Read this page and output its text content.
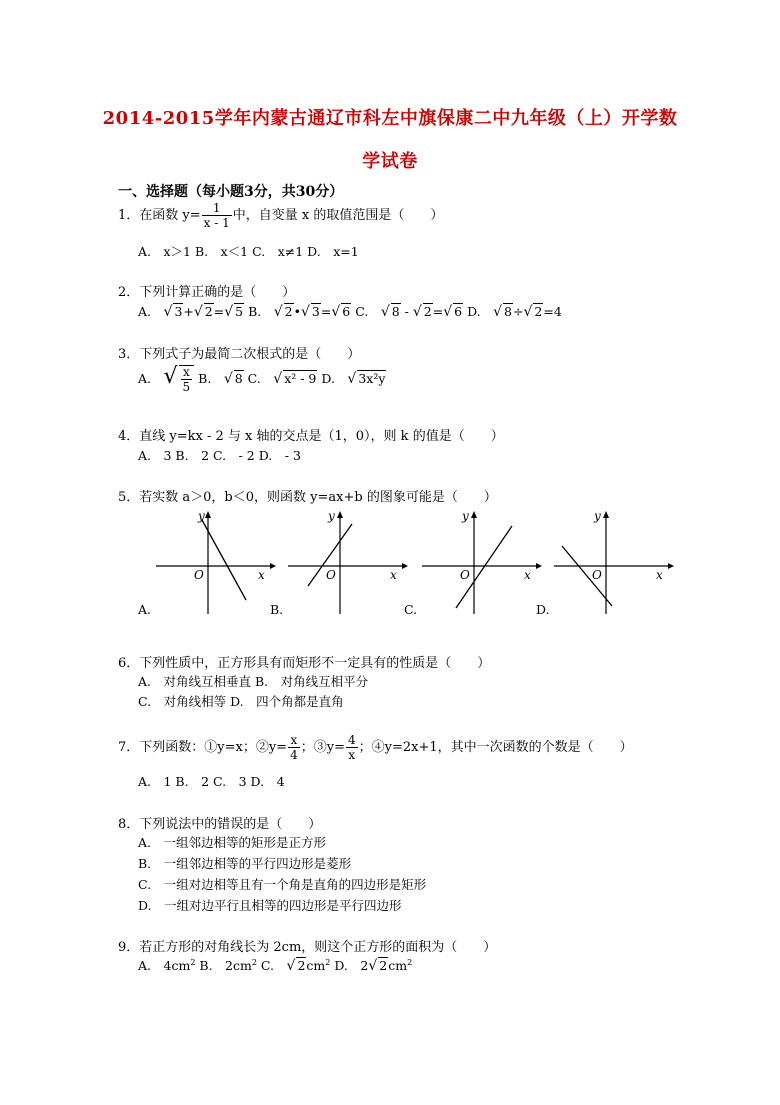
2014-2015学年内蒙古通辽市科左中旗保康二中九年级（上）开学数
学试卷
一、选择题（每小题3分，共30分）
1．在函数 $y= \frac{1}{x - 1}$ 中，自变量 x 的取值范围是（　　）
A.　x＞1 B.　x＜1 C.　x≠1 D.　x=1
2．下列计算正确的是（　　）
A.　√ 3+√ 2=√ 5 B.　√ 2•√ 3=√ 6 C.　√ 8 - √ 2=√ 6 D.　√ 8÷√ 2=4
3．下列式子为最简二次根式的是（　　）
A.　√ $\frac{x}{5} B$.　√ 8 C.　√ x² - 9 D.　√ 3x²y
4．直线 y=kx - 2 与 x 轴的交点是（1，0），则 k 的值是（　　）
A.　3 B.　2 C.　- 2 D.　- 3
5．若实数 a＞0，b＜0，则函数 y=ax+b 的图象可能是（　　）
y
x
O
y
x
O
y
x
O
y
x
O
A.	B.	C.	D.
6．下列性质中，正方形具有而矩形不一定具有的性质是（　　）
A.　对角线互相垂直 B.　对角线互相平分
C.　对角线相等 D.　四个角都是直角
7．下列函数：①y=x；②y= $\frac{x}{4}$ ；③y= $\frac{4}{x}$ ；④y=2x+1，其中一次函数的个数是（　　）
A.　1 B.　2 C.　3 D.　4
8．下列说法中的错误的是（　　）
A.　一组邻边相等的矩形是正方形
B.　一组邻边相等的平行四边形是菱形
C.　一组对边相等且有一个角是直角的四边形是矩形
D.　一组对边平行且相等的四边形是平行四边形
9．若正方形的对角线长为 2cm，则这个正方形的面积为（　　）
A.　$4cm^2$ B.　$2cm^2$ C.　√ $2cm^2$ D.　2√ $2cm^2$
